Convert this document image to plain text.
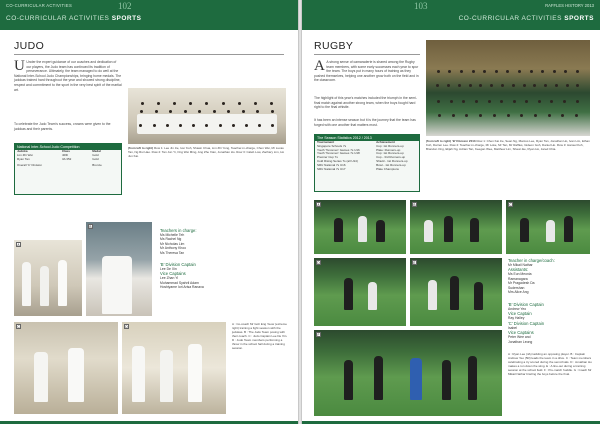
CO-CURRICULAR ACTIVITIES	102
CO-CURRICULAR ACTIVITIES SPORTS
JUDO
U Under the expert guidance of our coaches and dedication of our players, the Judo team has continued its tradition of perseverance. Ultimately, the team managed to do well at the National Inter-School Judo Championships, bringing home medals. The judokas trained hard throughout the year and showed strong discipline, respect and commitment to the sport in the very best spirit of the martial art.
To celebrate the Judo Team's success, crowns were given to the judokas and their parents.
National Inter-School Judo Competition
Judoka	Class	Medal
Lim Zhi Wei	4RD	Gold
Ryan Tan	3A 352	Gold
Overall 'C' Division		Bronze
(from left to right) Row 1: Lee Jin Jie, Iver Koh, Shawn Chua, Lim Zhi Yong, Teacher-in-charge, Chen Wei, Mr Lucas Tan, Ng Rui Hao. Row 2: Tan Jun Yi, Ong Wei Ming, Ang Zhe Xian, Jonathan Ho. Row 3: Caleb Low, Zachary Lim, Ho Jun Kai.
A
B
C	D
Teachers in charge:
Ms Michelle Teh
Ms Rachel Ng
Mr Nicholas Lim
Mr Anthony Khoo
Ms Theresa Tan
'B' Division Captain
Lee De Xin
Vice Captains
Lee Zhan Yi
Muhammad Syahril Adam
Hoshiyame Iori Arisa Ranaxa
A : Co-coach Mr Goh Eng Yeow (extreme right) training a fight session with the judokas. B : The Judo Team posing with their coach. C : Judo Captain Lee De Xin. D : Judo Team members performing a throw in the school hall during a training session.
103	RAFFLES HISTORY 2013
CO-CURRICULAR ACTIVITIES SPORTS
RUGBY
A A strong sense of camaraderie is shared among the Rugby team members, with some early successes each year to spur the team. The boys put in many hours of training as they pushed themselves, helping one another grow both on the field and in the classroom.
The highlight of this year's matches included the triumph in the semi-final match against another strong team, when the boys fought hard right to the final whistle.
It has been an intense season but it is the journey that the team has forged with one another that matters most.
The Season Statistics 2012 / 2013
Tournament	Achievement
Singapore Schools 7s	Cup: 1st Runners-up
Youth 'Tenomen' Games 7s U16	Plate: Runners-up
Youth 'Tenomen' Games 7s U18	Cup: 1st Runners-up
Premier Cup 7s	Cup - 3rd Runners-up
Cold Rising Series 7s (all U14)	Shield - 1st Runners-up
SRU National 7s U16	Bowl - 1st Runners-up
SRU National 7s U17	Plate Champions
(from left to right) 'B' Division 2013 Row 1: Chen Kai Jie, Sean Ng, Marcus Lee, Ryan Tan, Jonathan Ho, Ivan Lim, Ethan Koh, Darren Lee. Row 2: Teacher-in-charge, Mr Loke, Mr Tan, Mr Raffles, Gideon Goh, Daniel Ho. Row 3: Hansel Koh, Brandon Ong, Elijah Ng, Adrian Tan, Keegan Wee, Matthew Lim, Shaun Ee, Ryan Ho, Jared Chia.
A	B	C
D	E
F
Teacher in charge/coach:
Mr Mikail Nathar
Assistants:
Ms Eun Meonia
Ramanagara
Mr Pragadesh Da
Sudershan
Mrs Alice Ang
'B' Division Captain
Andrew Yeo
Vice Captain
Ray Halley
'C' Division Captain
Isabel
Vice Captains
Peter Wee and
Jonathan Leong
A : Ryan Lee (4A) tackling an opposing player. B : Captain Andrew Yeo (5R) leads the team in a drive. C : Team members celebrating a try scored during the semi-finals. D : Jonathan Ho makes a run down the wing. E : A line-out during a training session at the school field. F : Pre-match huddle. G : Coach Mr Mikail Nathar briefing the boys before the final.
